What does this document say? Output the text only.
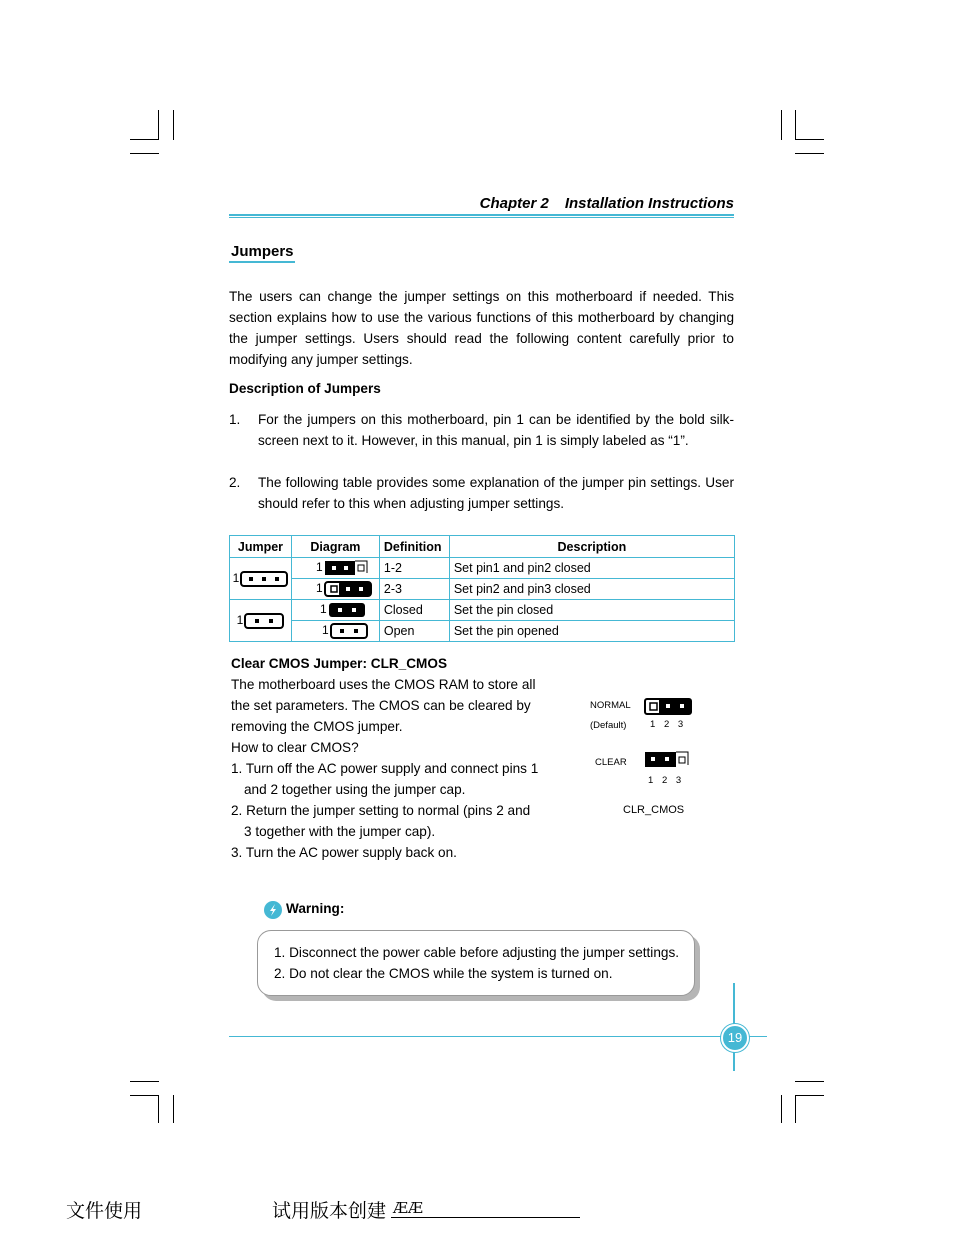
Chapter 2 Installation Instructions
Jumpers
The users can change the jumper settings on this motherboard if needed. This section explains how to use the various functions of this motherboard by changing the jumper settings. Users should read the following content carefully prior to modifying any jumper settings.
Description of Jumpers
1. For the jumpers on this motherboard, pin 1 can be identified by the bold silk-screen next to it. However, in this manual, pin 1 is simply labeled as “1”.
2. The following table provides some explanation of the jumper pin settings. User should refer to this when adjusting jumper settings.
Jumper	Diagram	Definition	Description
1	1	1-2	Set pin1 and pin2 closed
	1	2-3	Set pin2 and pin3 closed
1	1	Closed	Set the pin closed
	1	Open	Set the pin opened
Clear CMOS Jumper: CLR_CMOS
The motherboard uses the CMOS RAM to store all
the set parameters. The CMOS can be cleared by
removing the CMOS jumper.
How to clear CMOS?
1. Turn off the AC power supply and connect pins 1
and 2 together using the jumper cap.
2. Return the jumper setting to normal (pins 2 and
3 together with the jumper cap).
3. Turn the AC power supply back on.
NORMAL
(Default) 1 2 3
CLEAR
1 2 3
CLR_CMOS
Warning:
1. Disconnect the power cable before adjusting the jumper settings.
2. Do not clear the CMOS while the system is turned on.
19
文件使用	试用版本创建 ÆÆ
